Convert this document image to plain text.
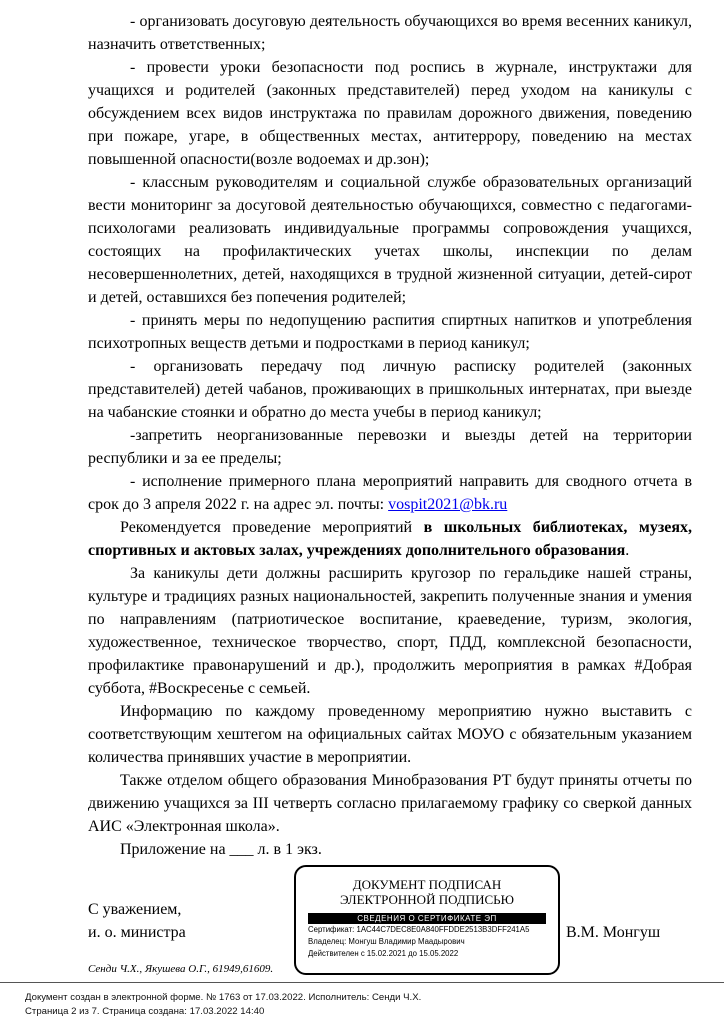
- организовать досуговую деятельность обучающихся во время весенних каникул, назначить ответственных;

- провести уроки безопасности под роспись в журнале, инструктажи для учащихся и родителей (законных представителей) перед уходом на каникулы с обсуждением всех видов инструктажа по правилам дорожного движения, поведению при пожаре, угаре, в общественных местах, антитеррору, поведению на местах повышенной опасности(возле водоемах и др.зон);

- классным руководителям и социальной службе образовательных организаций вести мониторинг за досуговой деятельностью обучающихся, совместно с педагогами-психологами реализовать индивидуальные программы сопровождения учащихся, состоящих на профилактических учетах школы, инспекции по делам несовершеннолетних, детей, находящихся в трудной жизненной ситуации, детей-сирот и детей, оставшихся без попечения родителей;

- принять меры по недопущению распития спиртных напитков и употребления психотропных веществ детьми и подростками в период каникул;

- организовать передачу под личную расписку родителей (законных представителей) детей чабанов, проживающих в пришкольных интернатах, при выезде на чабанские стоянки и обратно до места учебы в период каникул;

-запретить неорганизованные перевозки и выезды детей на территории республики и за ее пределы;

- исполнение примерного плана мероприятий направить для сводного отчета в срок до 3 апреля 2022 г. на адрес эл. почты: vospit2021@bk.ru

Рекомендуется проведение мероприятий в школьных библиотеках, музеях, спортивных и актовых залах, учреждениях дополнительного образования.

За каникулы дети должны расширить кругозор по геральдике нашей страны, культуре и традициях разных национальностей, закрепить полученные знания и умения по направлениям (патриотическое воспитание, краеведение, туризм, экология, художественное, техническое творчество, спорт, ПДД, комплексной безопасности, профилактике правонарушений и др.), продолжить мероприятия в рамках #Добрая суббота, #Воскресенье с семьей.

Информацию по каждому проведенному мероприятию нужно выставить с соответствующим хештегом на официальных сайтах МОУО с обязательным указанием количества принявших участие в мероприятии.

Также отделом общего образования Минобразования РТ будут приняты отчеты по движению учащихся за III четверть согласно прилагаемому графику со сверкой данных АИС «Электронная школа».

Приложение на ___ л. в 1 экз.

С уважением,
и. о. министра	В.М. Монгуш
ДОКУМЕНТ ПОДПИСАН
ЭЛЕКТРОННОЙ ПОДПИСЬЮ
СВЕДЕНИЯ О СЕРТИФИКАТЕ ЭП
Сертификат: 1AC44C7DEC8E0A840FFDDE2513B3DFF241A5
Владелец: Монгуш Владимир Маадырович
Действителен с 15.02.2021 до 15.05.2022
Сенди Ч.Х., Якушева О.Г., 61949,61609.
Документ создан в электронной форме. № 1763 от 17.03.2022. Исполнитель: Сенди Ч.Х.
Страница 2 из 7. Страница создана: 17.03.2022 14:40
